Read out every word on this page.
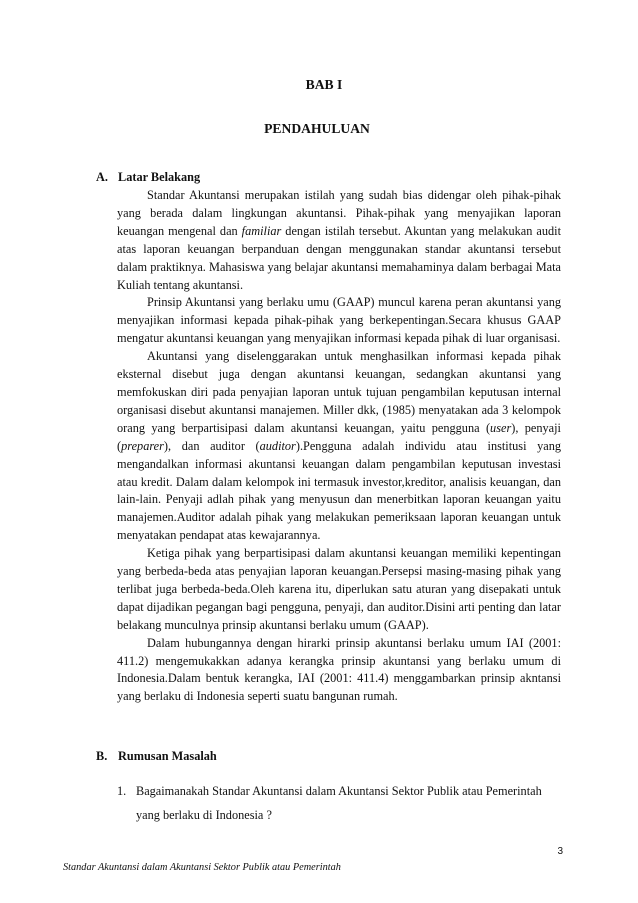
BAB I
PENDAHULUAN
A. Latar Belakang

Standar Akuntansi merupakan istilah yang sudah bias didengar oleh pihak-pihak yang berada dalam lingkungan akuntansi. Pihak-pihak yang menyajikan laporan keuangan mengenal dan familiar dengan istilah tersebut. Akuntan yang melakukan audit atas laporan keuangan berpanduan dengan menggunakan standar akuntansi tersebut dalam praktiknya. Mahasiswa yang belajar akuntansi memahaminya dalam berbagai Mata Kuliah tentang akuntansi.

Prinsip Akuntansi yang berlaku umu (GAAP) muncul karena peran akuntansi yang menyajikan informasi kepada pihak-pihak yang berkepentingan.Secara khusus GAAP mengatur akuntansi keuangan yang menyajikan informasi kepada pihak di luar organisasi.

Akuntansi yang diselenggarakan untuk menghasilkan informasi kepada pihak eksternal disebut juga dengan akuntansi keuangan, sedangkan akuntansi yang memfokuskan diri pada penyajian laporan untuk tujuan pengambilan keputusan internal organisasi disebut akuntansi manajemen. Miller dkk, (1985) menyatakan ada 3 kelompok orang yang berpartisipasi dalam akuntansi keuangan, yaitu pengguna (user), penyaji (preparer), dan auditor (auditor).Pengguna adalah individu atau institusi yang mengandalkan informasi akuntansi keuangan dalam pengambilan keputusan investasi atau kredit. Dalam dalam kelompok ini termasuk investor,kreditor, analisis keuangan, dan lain-lain. Penyaji adlah pihak yang menyusun dan menerbitkan laporan keuangan yaitu manajemen.Auditor adalah pihak yang melakukan pemeriksaan laporan keuangan untuk menyatakan pendapat atas kewajarannya.

Ketiga pihak yang berpartisipasi dalam akuntansi keuangan memiliki kepentingan yang berbeda-beda atas penyajian laporan keuangan.Persepsi masing-masing pihak yang terlibat juga berbeda-beda.Oleh karena itu, diperlukan satu aturan yang disepakati untuk dapat dijadikan pegangan bagi pengguna, penyaji, dan auditor.Disini arti penting dan latar belakang munculnya prinsip akuntansi berlaku umum (GAAP).

Dalam hubungannya dengan hirarki prinsip akuntansi berlaku umum IAI (2001: 411.2) mengemukakkan adanya kerangka prinsip akuntansi yang berlaku umum di Indonesia.Dalam bentuk kerangka, IAI (2001: 411.4) menggambarkan prinsip akntansi yang berlaku di Indonesia seperti suatu bangunan rumah.

B. Rumusan Masalah
1. Bagaimanakah Standar Akuntansi dalam Akuntansi Sektor Publik atau Pemerintah yang berlaku di Indonesia ?
3
Standar Akuntansi dalam Akuntansi Sektor Publik atau Pemerintah
